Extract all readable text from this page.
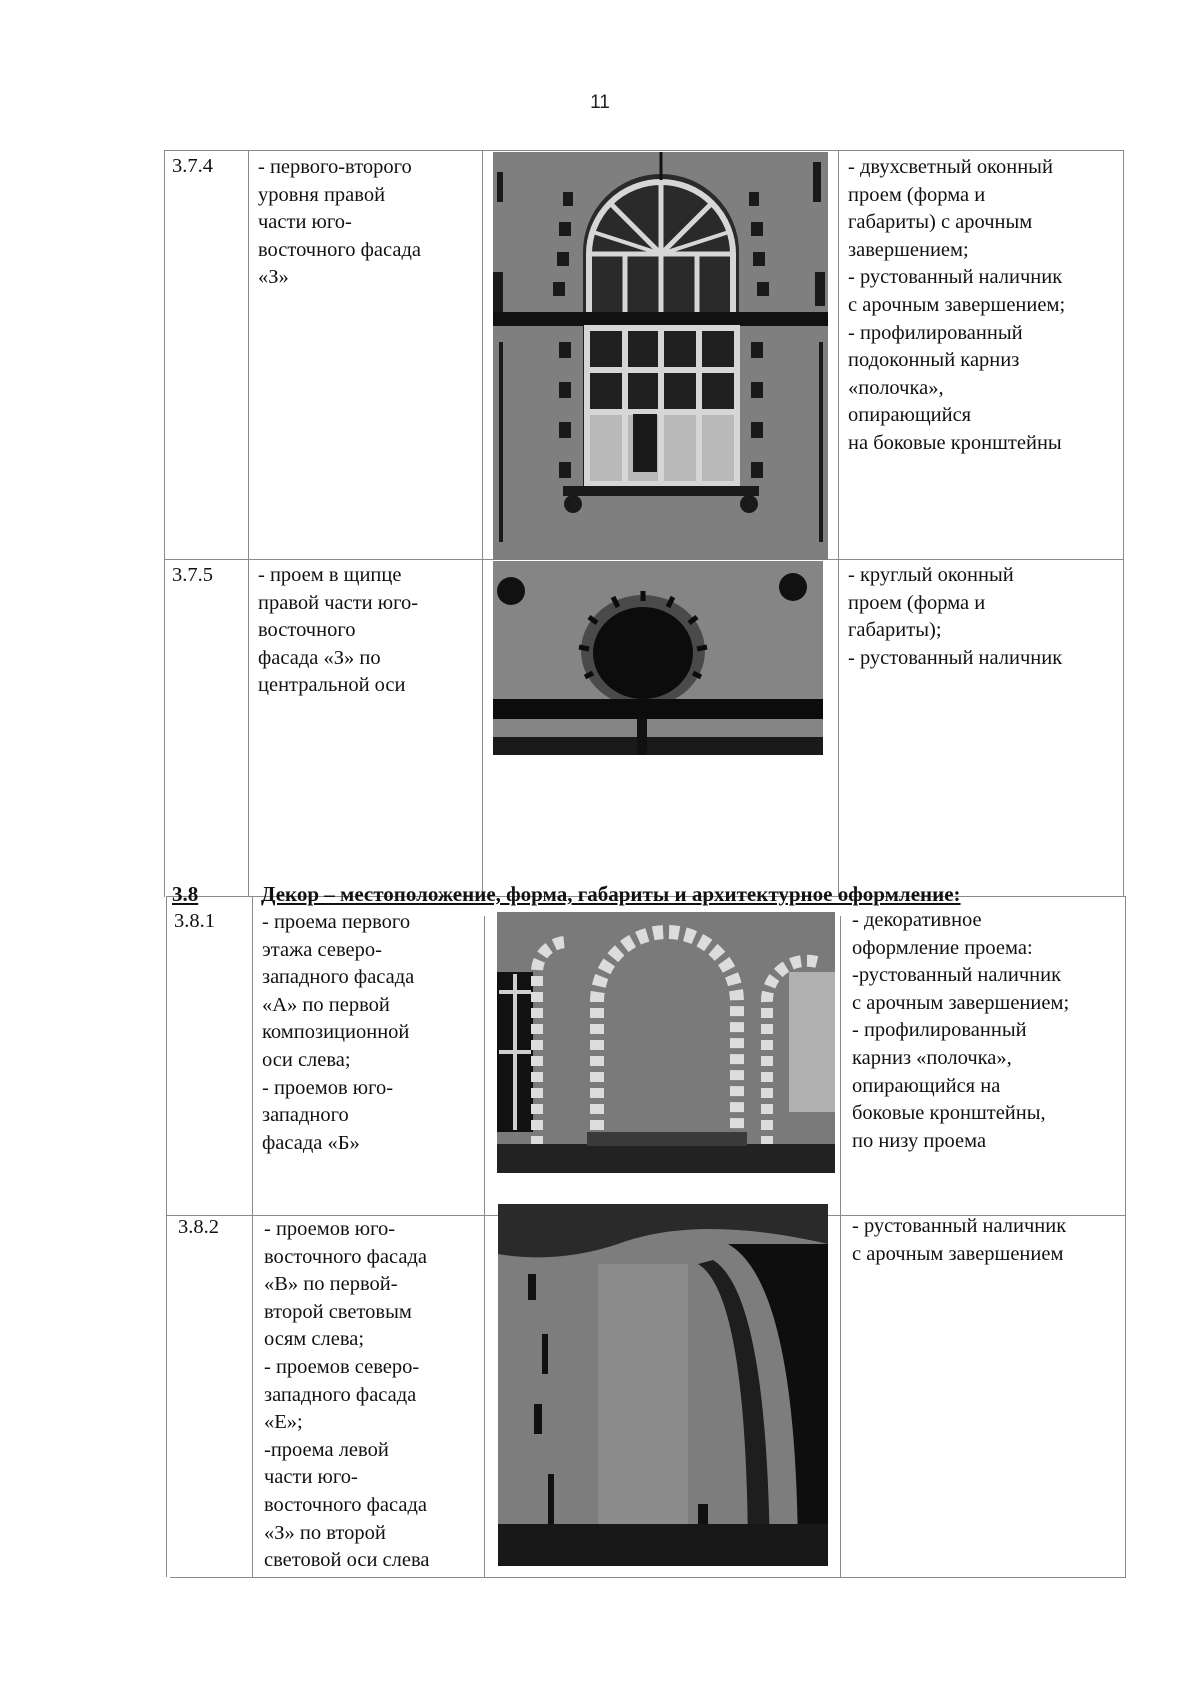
11
3.7.4 - первого-второго
уровня правой
части юго-
восточного фасада
«З»
- двухсветный оконный
проем (форма и
габариты) с арочным
завершением;
- рустованный наличник
с арочным завершением;
- профилированный
подоконный карниз
«полочка»,
опирающийся
на боковые кронштейны
3.7.5 - проем в щипце
правой части юго-
восточного
фасада «З» по
центральной оси
- круглый оконный
проем (форма и
габариты);
- рустованный наличник
3.8	Декор – местоположение, форма, габариты и архитектурное оформление:
3.8.1 - проема первого
этажа северо-
западного фасада
«А» по первой
композиционной
оси слева;
- проемов юго-
западного
фасада «Б»
- декоративное
оформление проема:
-рустованный наличник
с арочным завершением;
- профилированный
карниз «полочка»,
опирающийся на
боковые кронштейны,
по низу проема
3.8.2 - проемов юго-
восточного фасада
«В» по первой-
второй световым
осям слева;
- проемов северо-
западного фасада
«Е»;
-проема левой
части юго-
восточного фасада
«З» по второй
световой оси слева
- рустованный наличник
с арочным завершением
